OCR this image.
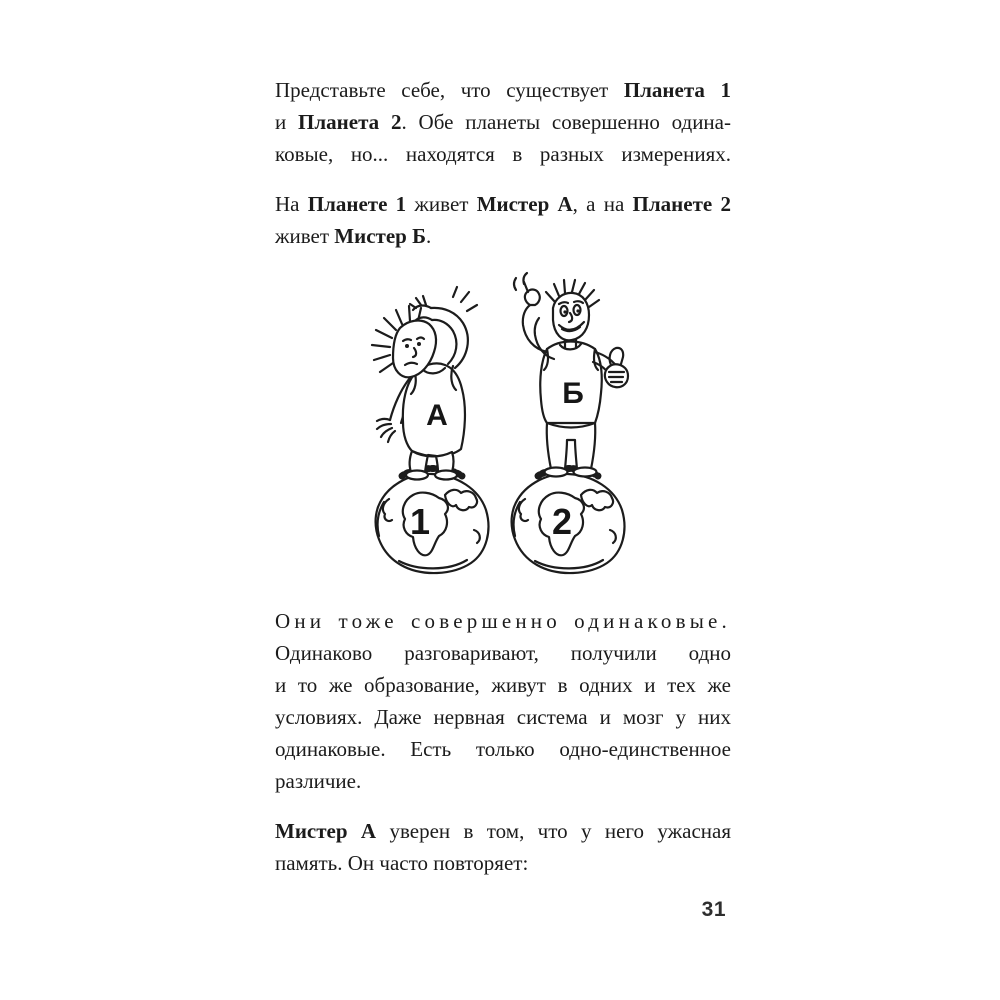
Представьте себе, что существует Планета 1
и Планета 2. Обе планеты совершенно одина-
ковые, но... находятся в разных измерениях.

На Планете 1 живет Мистер А, а на Планете 2
живет Мистер Б.

1	2
А
Б

Они тоже совершенно одинаковые.
Одинаково разговаривают, получили одно
и то же образование, живут в одних и тех же
условиях. Даже нервная система и мозг у них
одинаковые. Есть только одно-единственное
различие.

Мистер А уверен в том, что у него ужасная
память. Он часто повторяет:

31
